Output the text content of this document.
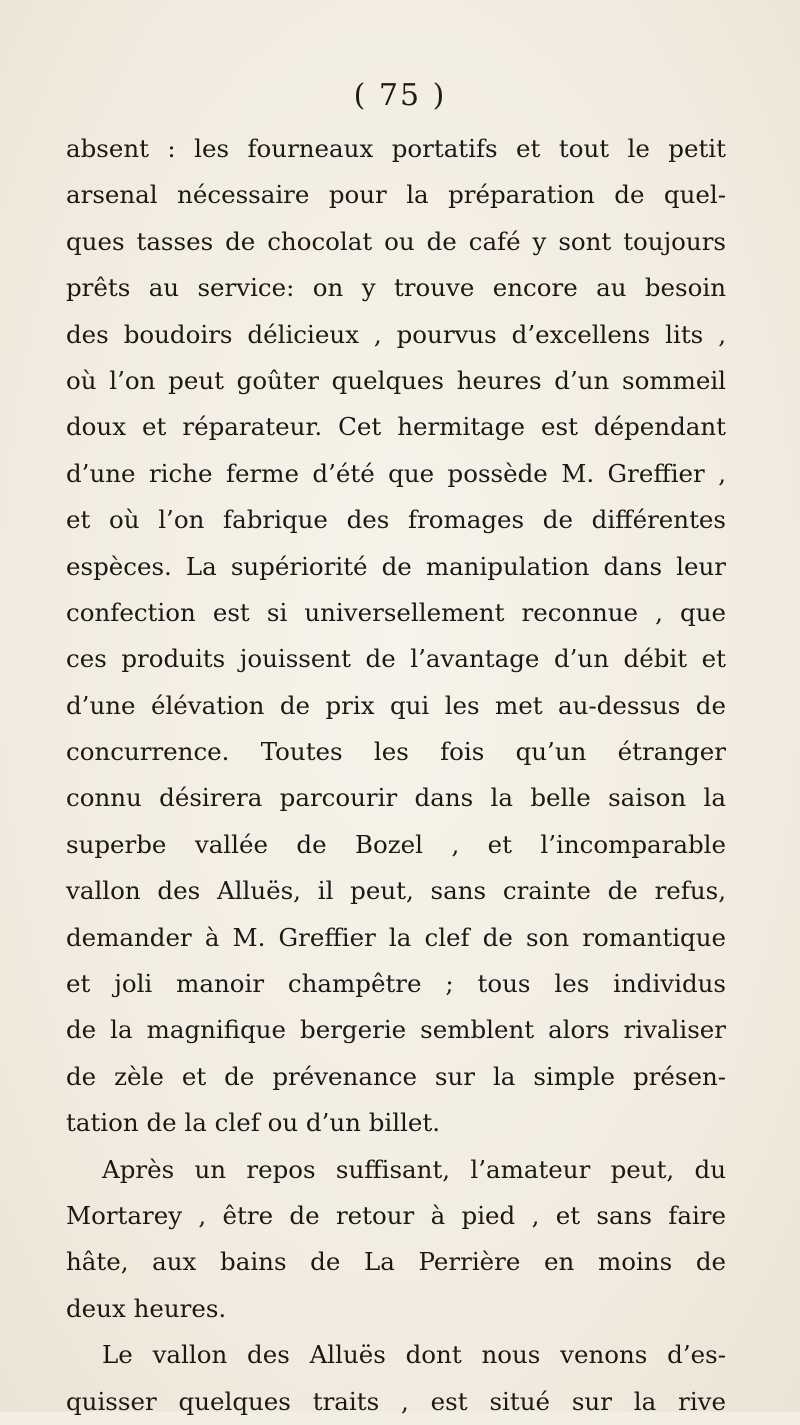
( 75 )
absent : les fourneaux portatifs et tout le petit
arsenal nécessaire pour la préparation de quel-
ques tasses de chocolat ou de café y sont toujours
prêts au service: on y trouve encore au besoin
des boudoirs délicieux , pourvus d’excellens lits ,
où l’on peut goûter quelques heures d’un sommeil
doux et réparateur. Cet hermitage est dépendant
d’une riche ferme d’été que possède M. Greffier ,
et où l’on fabrique des fromages de différentes
espèces. La supériorité de manipulation dans leur
confection est si universellement reconnue , que
ces produits jouissent de l’avantage d’un débit et
d’une élévation de prix qui les met au-dessus de
concurrence. Toutes les fois qu’un étranger
connu désirera parcourir dans la belle saison la
superbe vallée de Bozel , et l’incomparable
vallon des Alluës, il peut, sans crainte de refus,
demander à M. Greffier la clef de son romantique
et joli manoir champêtre ; tous les individus
de la magnifique bergerie semblent alors rivaliser
de zèle et de prévenance sur la simple présen-
tation de la clef ou d’un billet.
Après un repos suffisant, l’amateur peut, du
Mortarey , être de retour à pied , et sans faire
hâte, aux bains de La Perrière en moins de
deux heures.
Le vallon des Alluës dont nous venons d’es-
quisser quelques traits , est situé sur la rive
